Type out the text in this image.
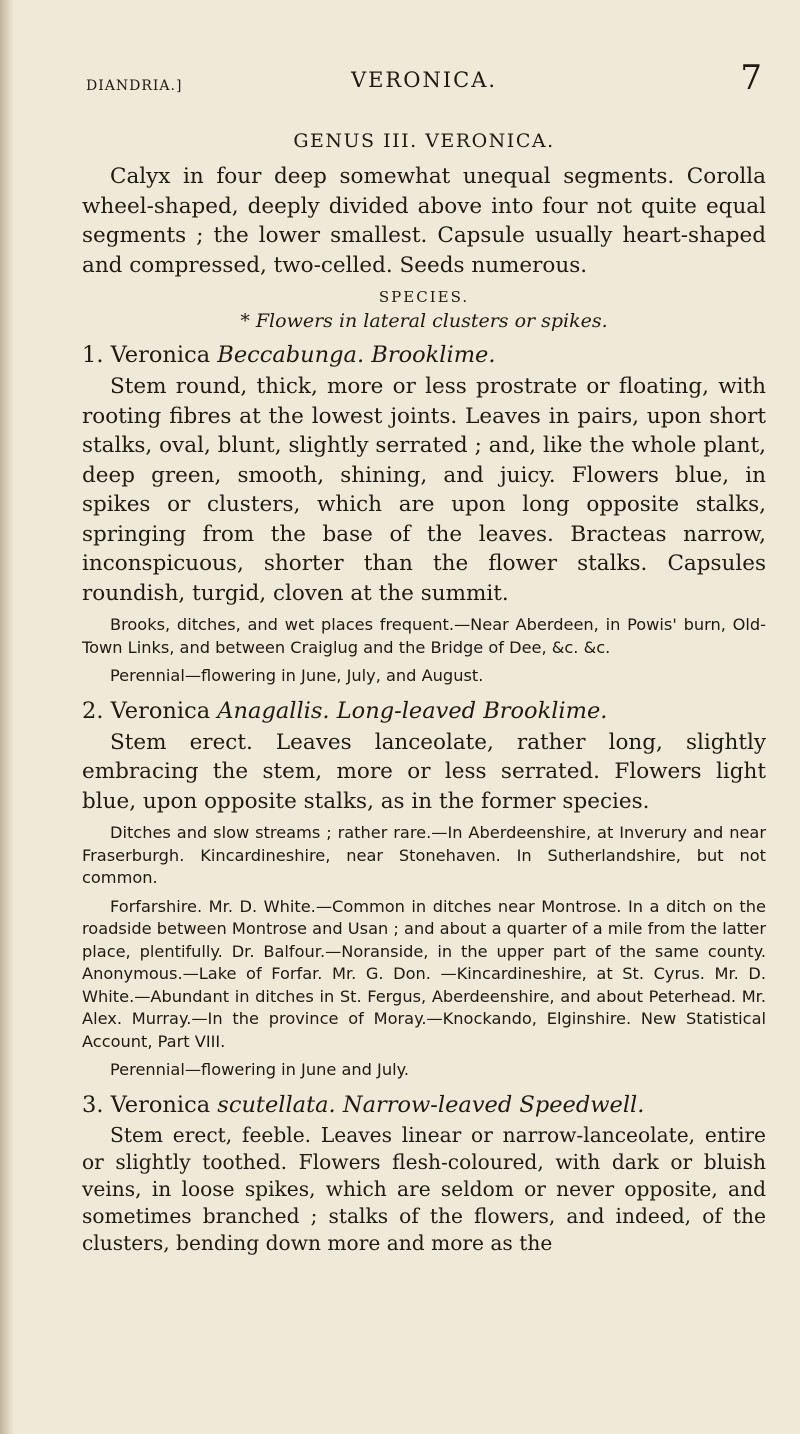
DIANDRIA.]	VERONICA.	7
GENUS III. VERONICA.

Calyx in four deep somewhat unequal segments. Corolla wheel-shaped, deeply divided above into four not quite equal segments ; the lower smallest. Capsule usually heart-shaped and compressed, two-celled. Seeds numerous.

SPECIES.
* Flowers in lateral clusters or spikes.
1. Veronica Beccabunga. Brooklime.

Stem round, thick, more or less prostrate or floating, with rooting fibres at the lowest joints. Leaves in pairs, upon short stalks, oval, blunt, slightly serrated ; and, like the whole plant, deep green, smooth, shining, and juicy. Flowers blue, in spikes or clusters, which are upon long opposite stalks, springing from the base of the leaves. Bracteas narrow, inconspicuous, shorter than the flower stalks. Capsules roundish, turgid, cloven at the summit.

Brooks, ditches, and wet places frequent.—Near Aberdeen, in Powis' burn, Old-Town Links, and between Craiglug and the Bridge of Dee, &c. &c.

Perennial—flowering in June, July, and August.

2. Veronica Anagallis. Long-leaved Brooklime.

Stem erect. Leaves lanceolate, rather long, slightly embracing the stem, more or less serrated. Flowers light blue, upon opposite stalks, as in the former species.

Ditches and slow streams ; rather rare.—In Aberdeenshire, at Inverury and near Fraserburgh. Kincardineshire, near Stonehaven. In Sutherlandshire, but not common.

Forfarshire. Mr. D. White.—Common in ditches near Montrose. In a ditch on the roadside between Montrose and Usan ; and about a quarter of a mile from the latter place, plentifully. Dr. Balfour.—Noranside, in the upper part of the same county. Anonymous.—Lake of Forfar. Mr. G. Don. —Kincardineshire, at St. Cyrus. Mr. D. White.—Abundant in ditches in St. Fergus, Aberdeenshire, and about Peterhead. Mr. Alex. Murray.—In the province of Moray.—Knockando, Elginshire. New Statistical Account, Part VIII.

Perennial—flowering in June and July.

3. Veronica scutellata. Narrow-leaved Speedwell.

Stem erect, feeble. Leaves linear or narrow-lanceolate, entire or slightly toothed. Flowers flesh-coloured, with dark or bluish veins, in loose spikes, which are seldom or never opposite, and sometimes branched ; stalks of the flowers, and indeed, of the clusters, bending down more and more as the
